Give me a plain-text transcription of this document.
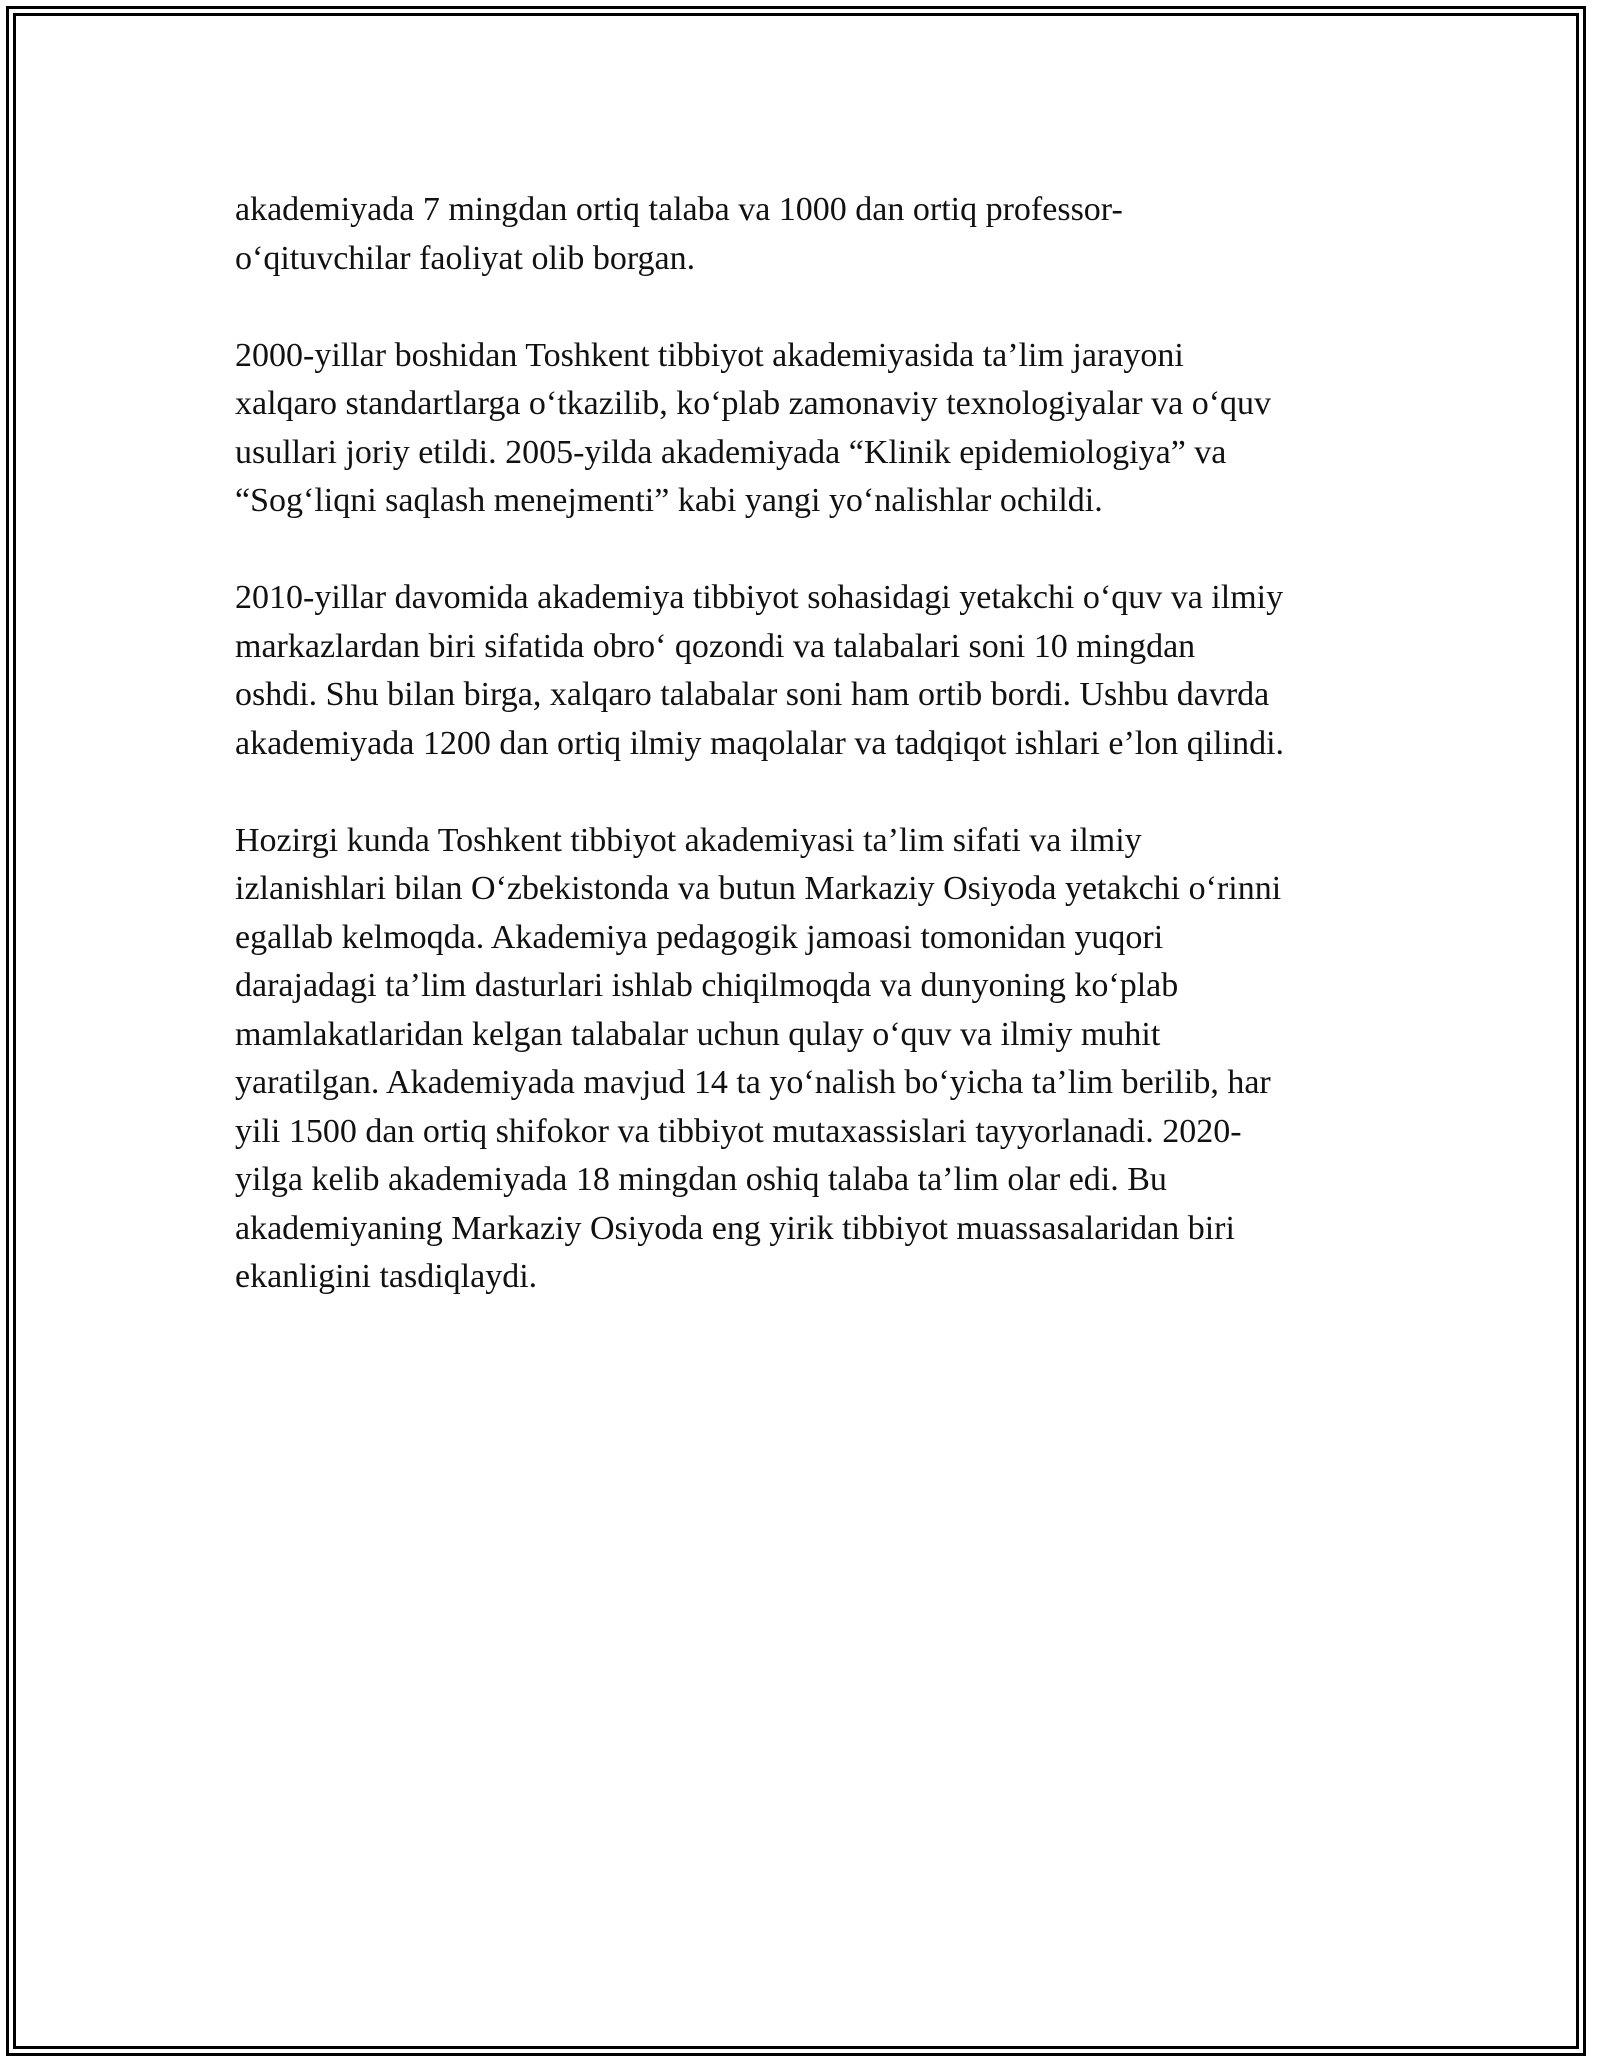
akademiyada 7 mingdan ortiq talaba va 1000 dan ortiq professor-
o‘qituvchilar faoliyat olib borgan.

2000-yillar boshidan Toshkent tibbiyot akademiyasida ta’lim jarayoni
xalqaro standartlarga o‘tkazilib, ko‘plab zamonaviy texnologiyalar va o‘quv
usullari joriy etildi. 2005-yilda akademiyada “Klinik epidemiologiya” va
“Sog‘liqni saqlash menejmenti” kabi yangi yo‘nalishlar ochildi.

2010-yillar davomida akademiya tibbiyot sohasidagi yetakchi o‘quv va ilmiy
markazlardan biri sifatida obro‘ qozondi va talabalari soni 10 mingdan
oshdi. Shu bilan birga, xalqaro talabalar soni ham ortib bordi. Ushbu davrda
akademiyada 1200 dan ortiq ilmiy maqolalar va tadqiqot ishlari e’lon qilindi.

Hozirgi kunda Toshkent tibbiyot akademiyasi ta’lim sifati va ilmiy
izlanishlari bilan O‘zbekistonda va butun Markaziy Osiyoda yetakchi o‘rinni
egallab kelmoqda. Akademiya pedagogik jamoasi tomonidan yuqori
darajadagi ta’lim dasturlari ishlab chiqilmoqda va dunyoning ko‘plab
mamlakatlaridan kelgan talabalar uchun qulay o‘quv va ilmiy muhit
yaratilgan. Akademiyada mavjud 14 ta yo‘nalish bo‘yicha ta’lim berilib, har
yili 1500 dan ortiq shifokor va tibbiyot mutaxassislari tayyorlanadi. 2020-
yilga kelib akademiyada 18 mingdan oshiq talaba ta’lim olar edi. Bu
akademiyaning Markaziy Osiyoda eng yirik tibbiyot muassasalaridan biri
ekanligini tasdiqlaydi.
